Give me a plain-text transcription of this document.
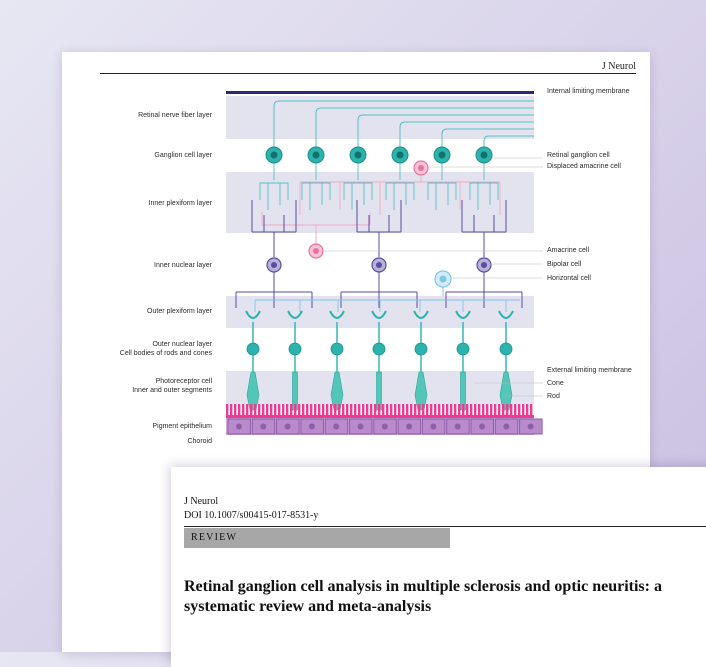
J Neurol
Retinal nerve fiber layer
Ganglion cell layer
Inner plexiform layer
Inner nuclear layer
Outer plexiform layer
Outer nuclear layer
Cell bodies of rods and cones
Photoreceptor cell
Inner and outer segments
Pigment epithelium
Choroid
Internal limiting membrane
Retinal ganglion cell
Displaced amacrine cell
Amacrine cell
Bipolar cell
Horizontal cell
External limiting membrane
Cone
Rod
J Neurol
DOI 10.1007/s00415-017-8531-y
REVIEW
Retinal ganglion cell analysis in multiple sclerosis and optic neuritis: a systematic review and meta-analysis
